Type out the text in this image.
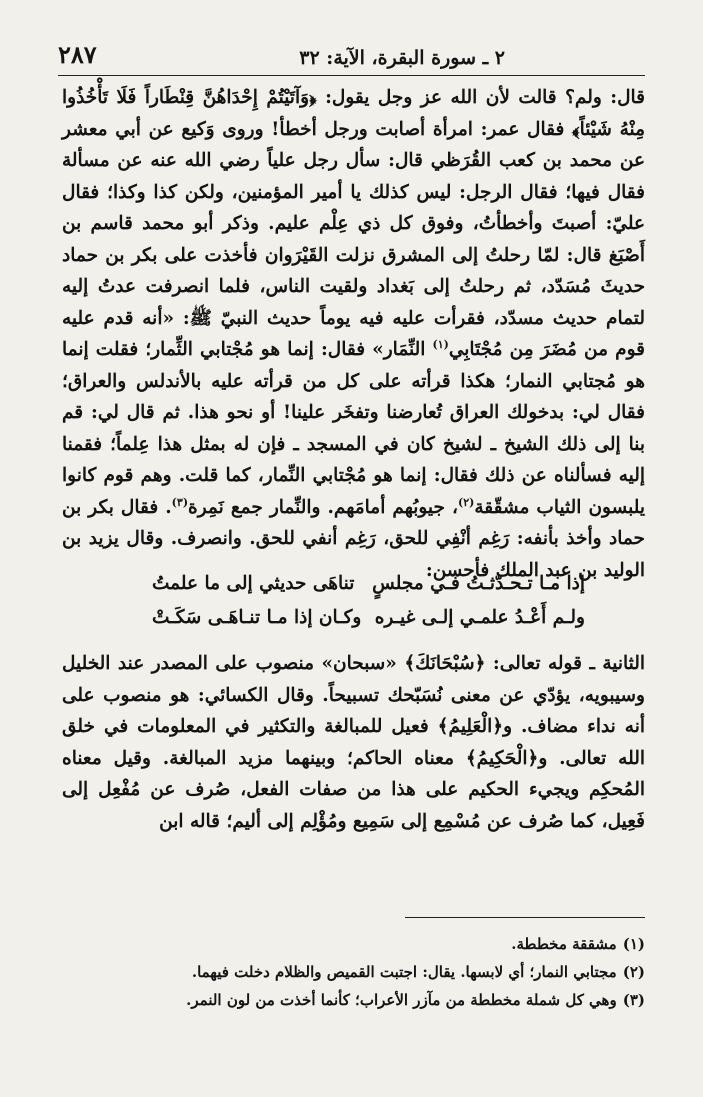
٢٨٧	٢ ـ سورة البقرة، الآية: ٣٢

قال: ولم؟ قالت لأن الله عز وجل يقول: ﴿وَآتَيْتُمْ إِحْدَاهُنَّ قِنْطَاراً فَلَا تَأْخُذُوا مِنْهُ شَيْئاً﴾ فقال عمر: امرأة أصابت ورجل أخطأ! وروى وَكيع عن أبي معشر عن محمد بن كعب القُرَظي قال: سأل رجل علياً رضي الله عنه عن مسألة فقال فيها؛ فقال الرجل: ليس كذلك يا أمير المؤمنين، ولكن كذا وكذا؛ فقال عليّ: أصبتَ وأخطأتُ، وفوق كل ذي عِلْم عليم. وذكر أبو محمد قاسم بن أَصْبَغ قال: لمّا رحلتُ إلى المشرق نزلت القَيْرَوان فأخذت على بكر بن حماد حديثَ مُسَدّد، ثم رحلتُ إلى بَغداد ولقيت الناس، فلما انصرفت عدتُ إليه لتمام حديث مسدّد، فقرأت عليه فيه يوماً حديث النبيّ ﷺ: «أنه قدم عليه قوم من مُضَرَ مِن مُجْتَابِي$^{(١)}$ النِّمَار» فقال: إنما هو مُجْتابي الثِّمار؛ فقلت إنما هو مُجتابي النمار؛ هكذا قرأته على كل من قرأته عليه بالأندلس والعراق؛ فقال لي: بدخولك العراق تُعارضنا وتفخَر علينا! أو نحو هذا. ثم قال لي: قم بنا إلى ذلك الشيخ ـ لشيخ كان في المسجد ـ فإن له بمثل هذا عِلماً؛ فقمنا إليه فسألناه عن ذلك فقال: إنما هو مُجْتابي النِّمار، كما قلت. وهم قوم كانوا يلبسون الثياب مشقّقة$^{(٢)}$، جيوبُهم أمامَهم. والنِّمار جمع نَمِرة$^{(٣)}$. فقال بكر بن حماد وأخذ بأنفه: رَغِم أنْفِي للحق، رَغِم أنفي للحق. وانصرف. وقال يزيد بن الوليد بن عبد الملك فأحسن:

إذا مـا تـحـدّثـتُ فـي مجلسٍ
تناهَى حديثي إلى ما علمتُ
ولـم أَعْـدُ علمـي إلـى غيـره
وكـان إذا مـا تنـاهَـى سَكَـتْ

الثانية ـ قوله تعالى: ﴿سُبْحَانَكَ﴾ «سبحان» منصوب على المصدر عند الخليل وسيبويه، يؤدّي عن معنى نُسَبّحك تسبيحاً. وقال الكسائي: هو منصوب على أنه نداء مضاف. و﴿الْعَلِيمُ﴾ فعيل للمبالغة والتكثير في المعلومات في خلق الله تعالى. و﴿الْحَكِيمُ﴾ معناه الحاكم؛ وبينهما مزيد المبالغة. وقيل معناه المُحكِم ويجيء الحكيم على هذا من صفات الفعل، صُرف عن مُفْعِل إلى فَعِيل، كما صُرف عن مُسْمِع إلى سَمِيع ومُؤْلِم إلى أليم؛ قاله ابن

(١)
مشققة مخططة.
(٢)
مجتابي النمار؛ أي لابسها. يقال: اجتبت القميص والظلام دخلت فيهما.
(٣)
وهي كل شملة مخططة من مآزر الأعراب؛ كأنما أخذت من لون النمر.
